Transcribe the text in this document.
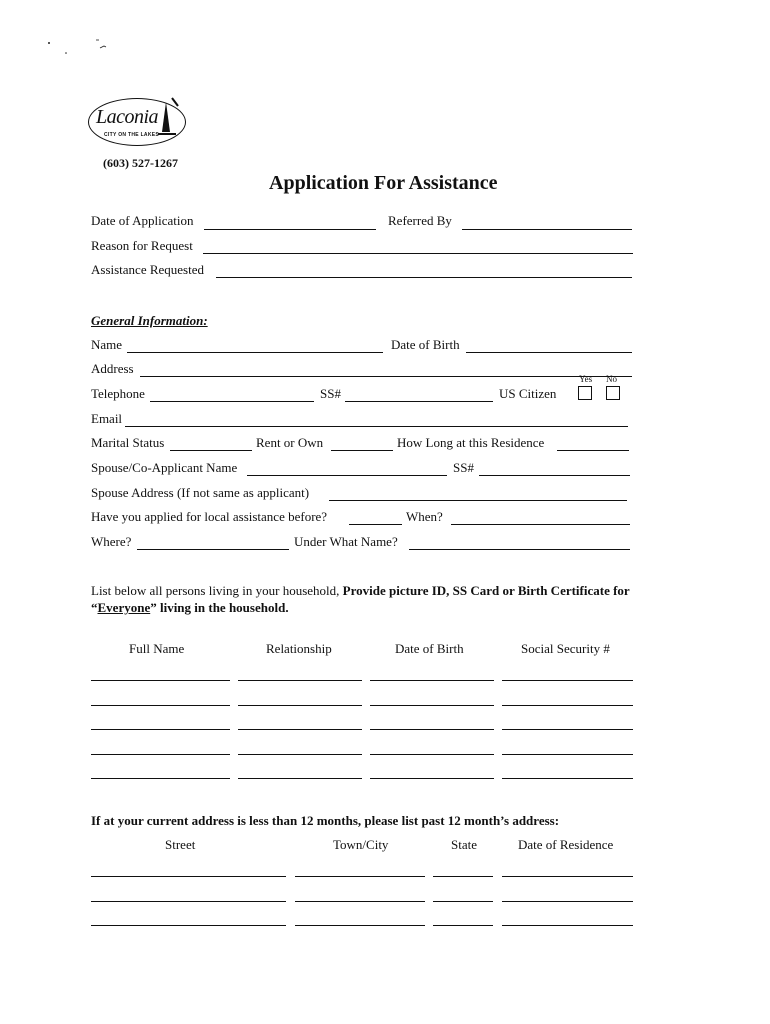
Laconia
CITY ON THE LAKES
(603) 527-1267
Application For Assistance
Date of Application	Referred By
Reason for Request
Assistance Requested
General Information:
Name	Date of Birth
Address
Telephone	SS#	US Citizen
Yes No
Email
Marital Status	Rent or Own	How Long at this Residence
Spouse/Co-Applicant Name	SS#
Spouse Address (If not same as applicant)
Have you applied for local assistance before?	When?
Where?	Under What Name?
List below all persons living in your household, Provide picture ID, SS Card or Birth Certificate for
“Everyone” living in the household.
Full Name	Relationship	Date of Birth	Social Security #
If at your current address is less than 12 months, please list past 12 month’s address:
Street	Town/City	State	Date of Residence
